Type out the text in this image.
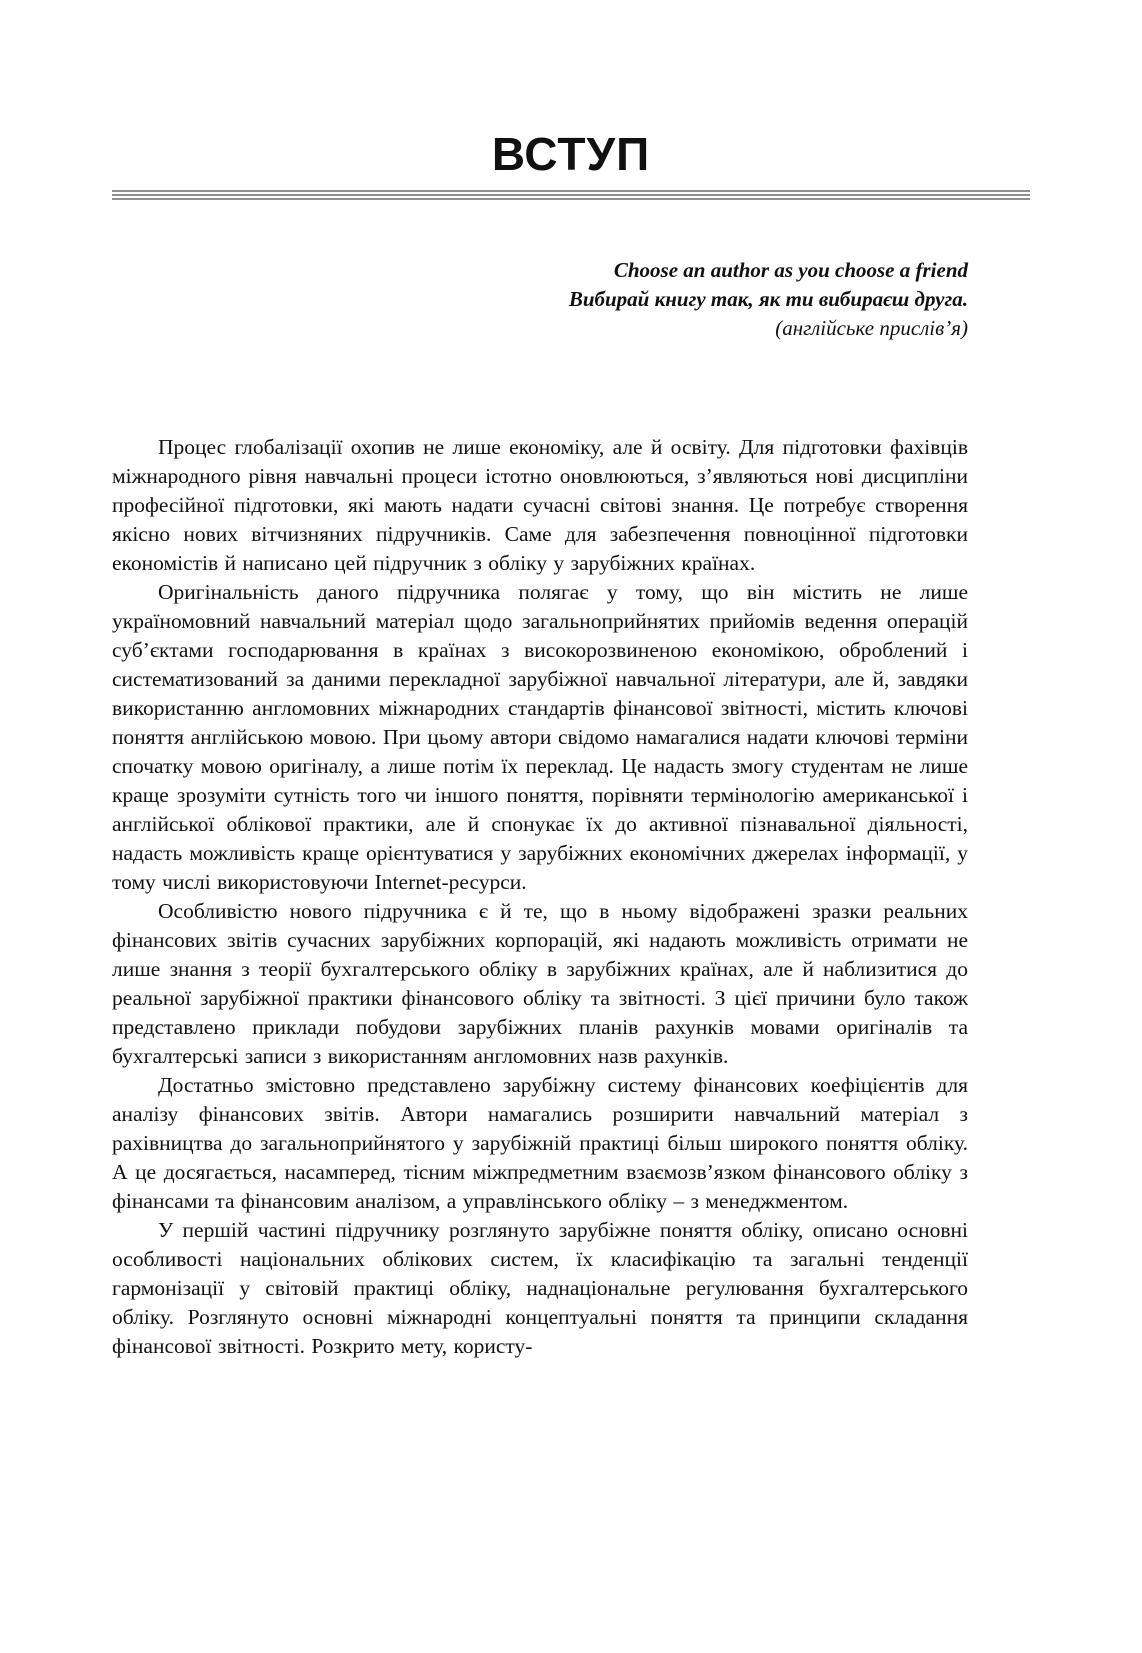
ВСТУП
Choose an author as you choose a friend
Вибирай книгу так, як ти вибираєш друга.
(англійське прислів’я)

Процес глобалізації охопив не лише економіку, але й освіту. Для підготовки фахівців міжнародного рівня навчальні процеси істотно оновлюються, з’являються нові дисципліни професійної підготовки, які мають надати сучасні світові знання. Це потребує створення якісно нових вітчизняних підручників. Саме для забезпечення повноцінної підготовки економістів й написано цей підручник з обліку у зарубіжних країнах.

Оригінальність даного підручника полягає у тому, що він містить не лише україномовний навчальний матеріал щодо загальноприйнятих прийомів ведення операцій суб’єктами господарювання в країнах з високорозвиненою економікою, оброблений і систематизований за даними перекладної зарубіжної навчальної літератури, але й, завдяки використанню англомовних міжнародних стандартів фінансової звітності, містить ключові поняття англійською мовою. При цьому автори свідомо намагалися надати ключові терміни спочатку мовою оригіналу, а лише потім їх переклад. Це надасть змогу студентам не лише краще зрозуміти сутність того чи іншого поняття, порівняти термінологію американської і англійської облікової практики, але й спонукає їх до активної пізнавальної діяльності, надасть можливість краще орієнтуватися у зарубіжних економічних джерелах інформації, у тому числі використовуючи Internet-ресурси.

Особливістю нового підручника є й те, що в ньому відображені зразки реальних фінансових звітів сучасних зарубіжних корпорацій, які надають можливість отримати не лише знання з теорії бухгалтерського обліку в зарубіжних країнах, але й наблизитися до реальної зарубіжної практики фінансового обліку та звітності. З цієї причини було також представлено приклади побудови зарубіжних планів рахунків мовами оригіналів та бухгалтерські записи з використанням англомовних назв рахунків.

Достатньо змістовно представлено зарубіжну систему фінансових коефіцієнтів для аналізу фінансових звітів. Автори намагались розширити навчальний матеріал з рахівництва до загальноприйнятого у зарубіжній практиці більш широкого поняття обліку. А це досягається, насамперед, тісним міжпредметним взаємозв’язком фінансового обліку з фінансами та фінансовим аналізом, а управлінського обліку – з менеджментом.

У першій частині підручнику розглянуто зарубіжне поняття обліку, описано основні особливості національних облікових систем, їх класифікацію та загальні тенденції гармонізації у світовій практиці обліку, наднаціональне регулювання бухгалтерського обліку. Розглянуто основні міжнародні концептуальні поняття та принципи складання фінансової звітності. Розкрито мету, користу-
